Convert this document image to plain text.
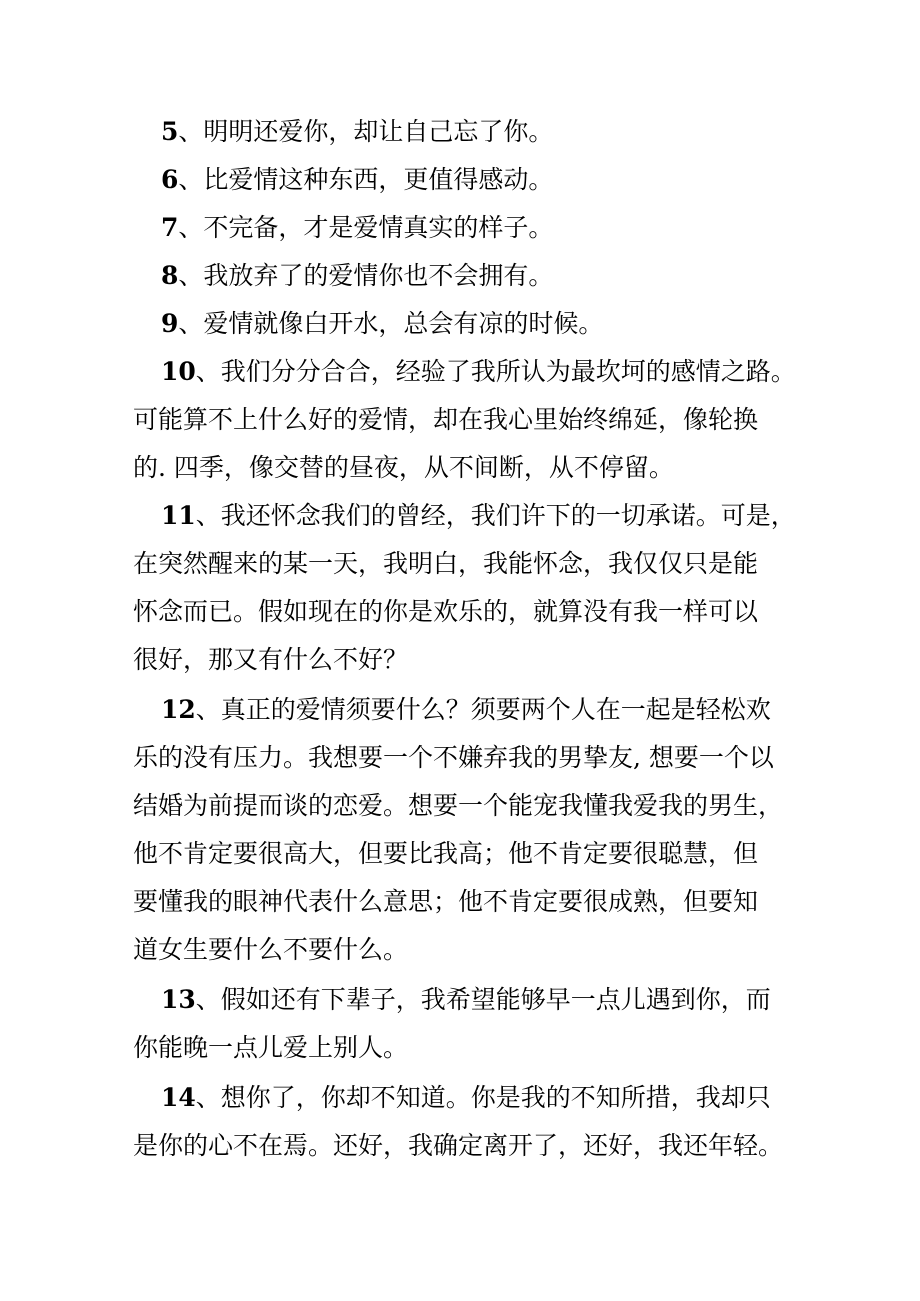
5、明明还爱你，却让自己忘了你。

6、比爱情这种东西，更值得感动。

7、不完备，才是爱情真实的样子。

8、我放弃了的爱情你也不会拥有。

9、爱情就像白开水，总会有凉的时候。

10、我们分分合合，经验了我所认为最坎坷的感情之路。
可能算不上什么好的爱情，却在我心里始终绵延，像轮换
的. 四季，像交替的昼夜，从不间断，从不停留。
11、我还怀念我们的曾经，我们许下的一切承诺。可是，
在突然醒来的某一天，我明白，我能怀念，我仅仅只是能
怀念而已。假如现在的你是欢乐的，就算没有我一样可以
很好，那又有什么不好？
12、真正的爱情须要什么？须要两个人在一起是轻松欢
乐的没有压力。我想要一个不嫌弃我的男挚友, 想要一个以
结婚为前提而谈的恋爱。想要一个能宠我懂我爱我的男生，
他不肯定要很高大，但要比我高；他不肯定要很聪慧，但
要懂我的眼神代表什么意思；他不肯定要很成熟，但要知
道女生要什么不要什么。
13、假如还有下辈子，我希望能够早一点儿遇到你，而
你能晚一点儿爱上别人。
14、想你了，你却不知道。你是我的不知所措，我却只
是你的心不在焉。还好，我确定离开了，还好，我还年轻。
